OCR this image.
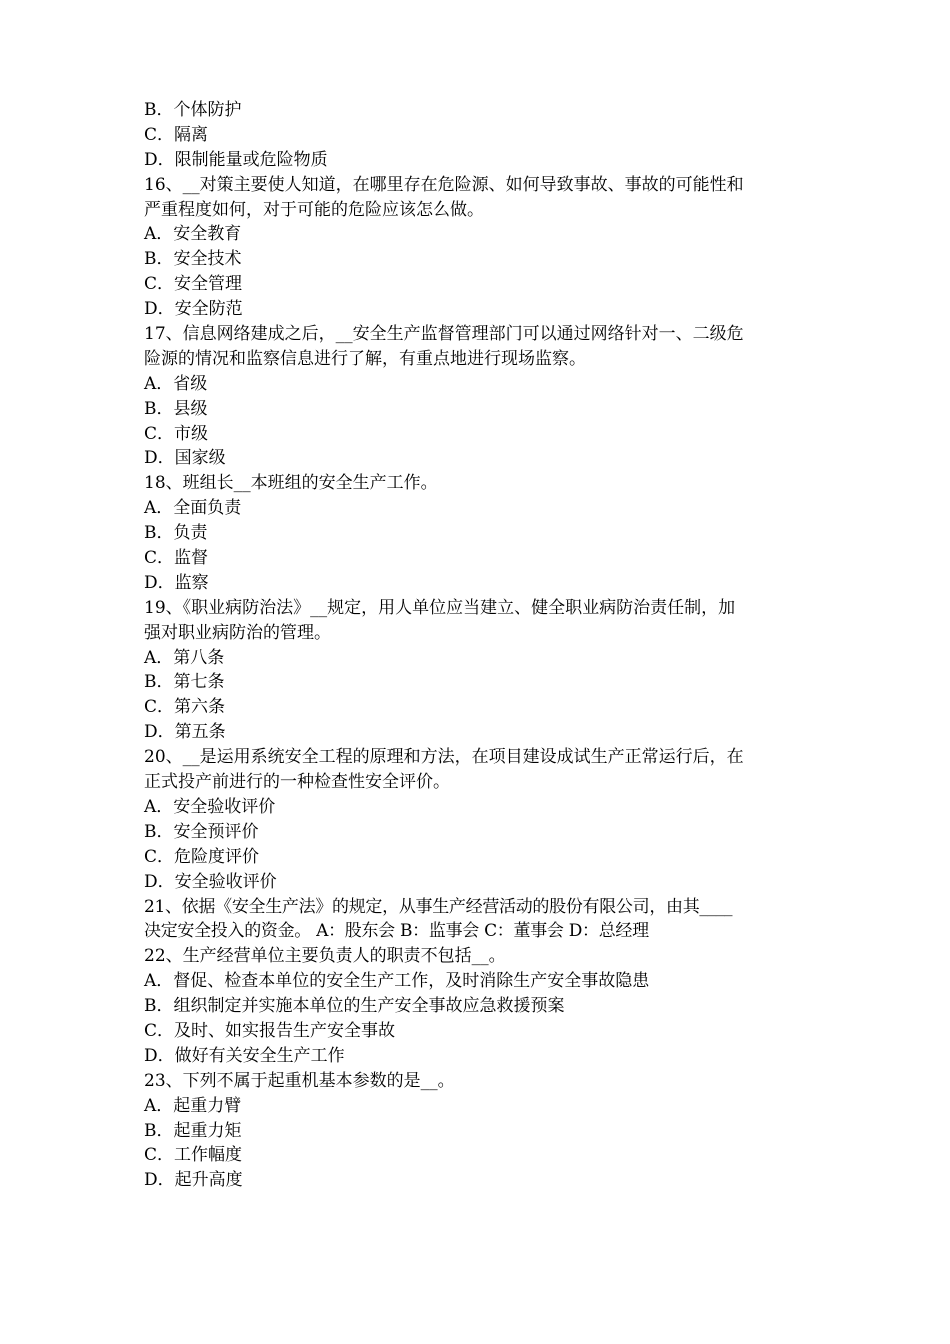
B．个体防护
C．隔离
D．限制能量或危险物质
16、__对策主要使人知道，在哪里存在危险源、如何导致事故、事故的可能性和
严重程度如何，对于可能的危险应该怎么做。
A．安全教育
B．安全技术
C．安全管理
D．安全防范
17、信息网络建成之后，__安全生产监督管理部门可以通过网络针对一、二级危
险源的情况和监察信息进行了解，有重点地进行现场监察。
A．省级
B．县级
C．市级
D．国家级
18、班组长__本班组的安全生产工作。
A．全面负责
B．负责
C．监督
D．监察
19、《职业病防治法》__规定，用人单位应当建立、健全职业病防治责任制，加
强对职业病防治的管理。
A．第八条
B．第七条
C．第六条
D．第五条
20、__是运用系统安全工程的原理和方法，在项目建设成试生产正常运行后，在
正式投产前进行的一种检查性安全评价。
A．安全验收评价
B．安全预评价
C．危险度评价
D．安全验收评价
21、依据《安全生产法》的规定，从事生产经营活动的股份有限公司，由其____
决定安全投入的资金。 A：股东会 B：监事会 C：董事会 D：总经理
22、生产经营单位主要负责人的职责不包括__。
A．督促、检查本单位的安全生产工作，及时消除生产安全事故隐患
B．组织制定并实施本单位的生产安全事故应急救援预案
C．及时、如实报告生产安全事故
D．做好有关安全生产工作
23、下列不属于起重机基本参数的是__。
A．起重力臂
B．起重力矩
C．工作幅度
D．起升高度
